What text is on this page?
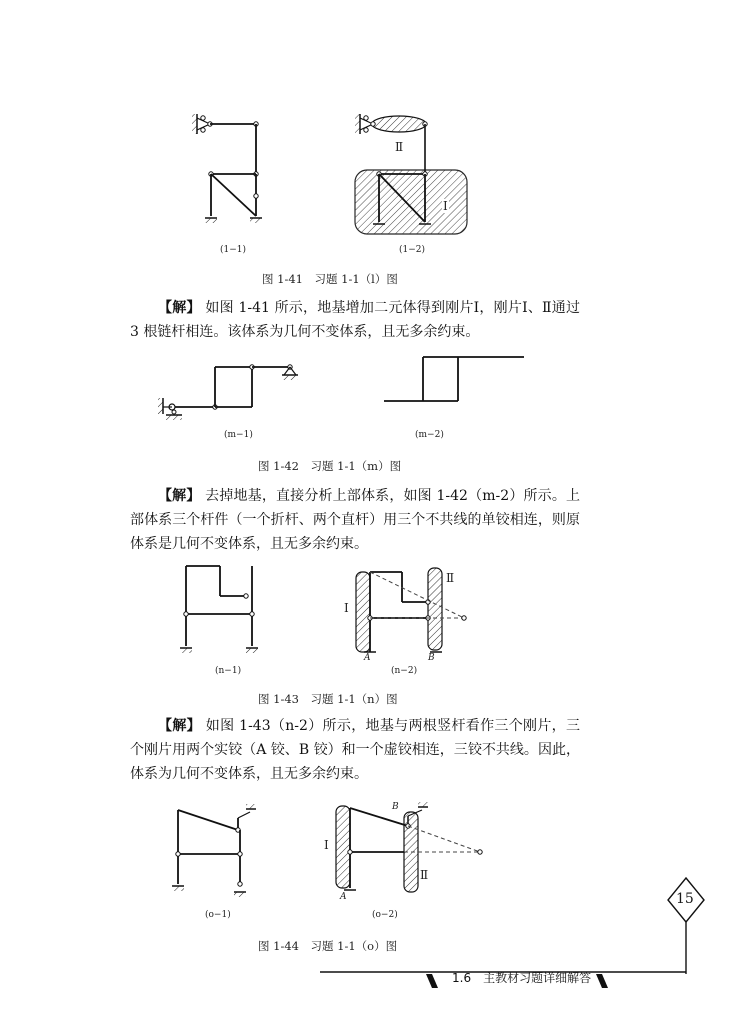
(1−1)
Ⅱ
Ⅰ
(1−2)
图 1-41　习题 1-1（l）图
【解】 如图 1-41 所示，地基增加二元体得到刚片Ⅰ，刚片Ⅰ、Ⅱ通过 3 根链杆相连。该体系为几何不变体系，且无多余约束。
(m−1)	(m−2)
图 1-42　习题 1-1（m）图
【解】 去掉地基，直接分析上部体系，如图 1-42（m-2）所示。上部体系三个杆件（一个折杆、两个直杆）用三个不共线的单铰相连，则原体系是几何不变体系，且无多余约束。
(n−1)
Ⅰ
Ⅱ
A	B
(n−2)
图 1-43　习题 1-1（n）图
【解】 如图 1-43（n-2）所示，地基与两根竖杆看作三个刚片，三个刚片用两个实铰（A 铰、B 铰）和一个虚铰相连，三铰不共线。因此，体系为几何不变体系，且无多余约束。
(o−1)
Ⅰ
Ⅱ
A
B
(o−2)
图 1-44　习题 1-1（o）图
15
1.6　主教材习题详细解答
